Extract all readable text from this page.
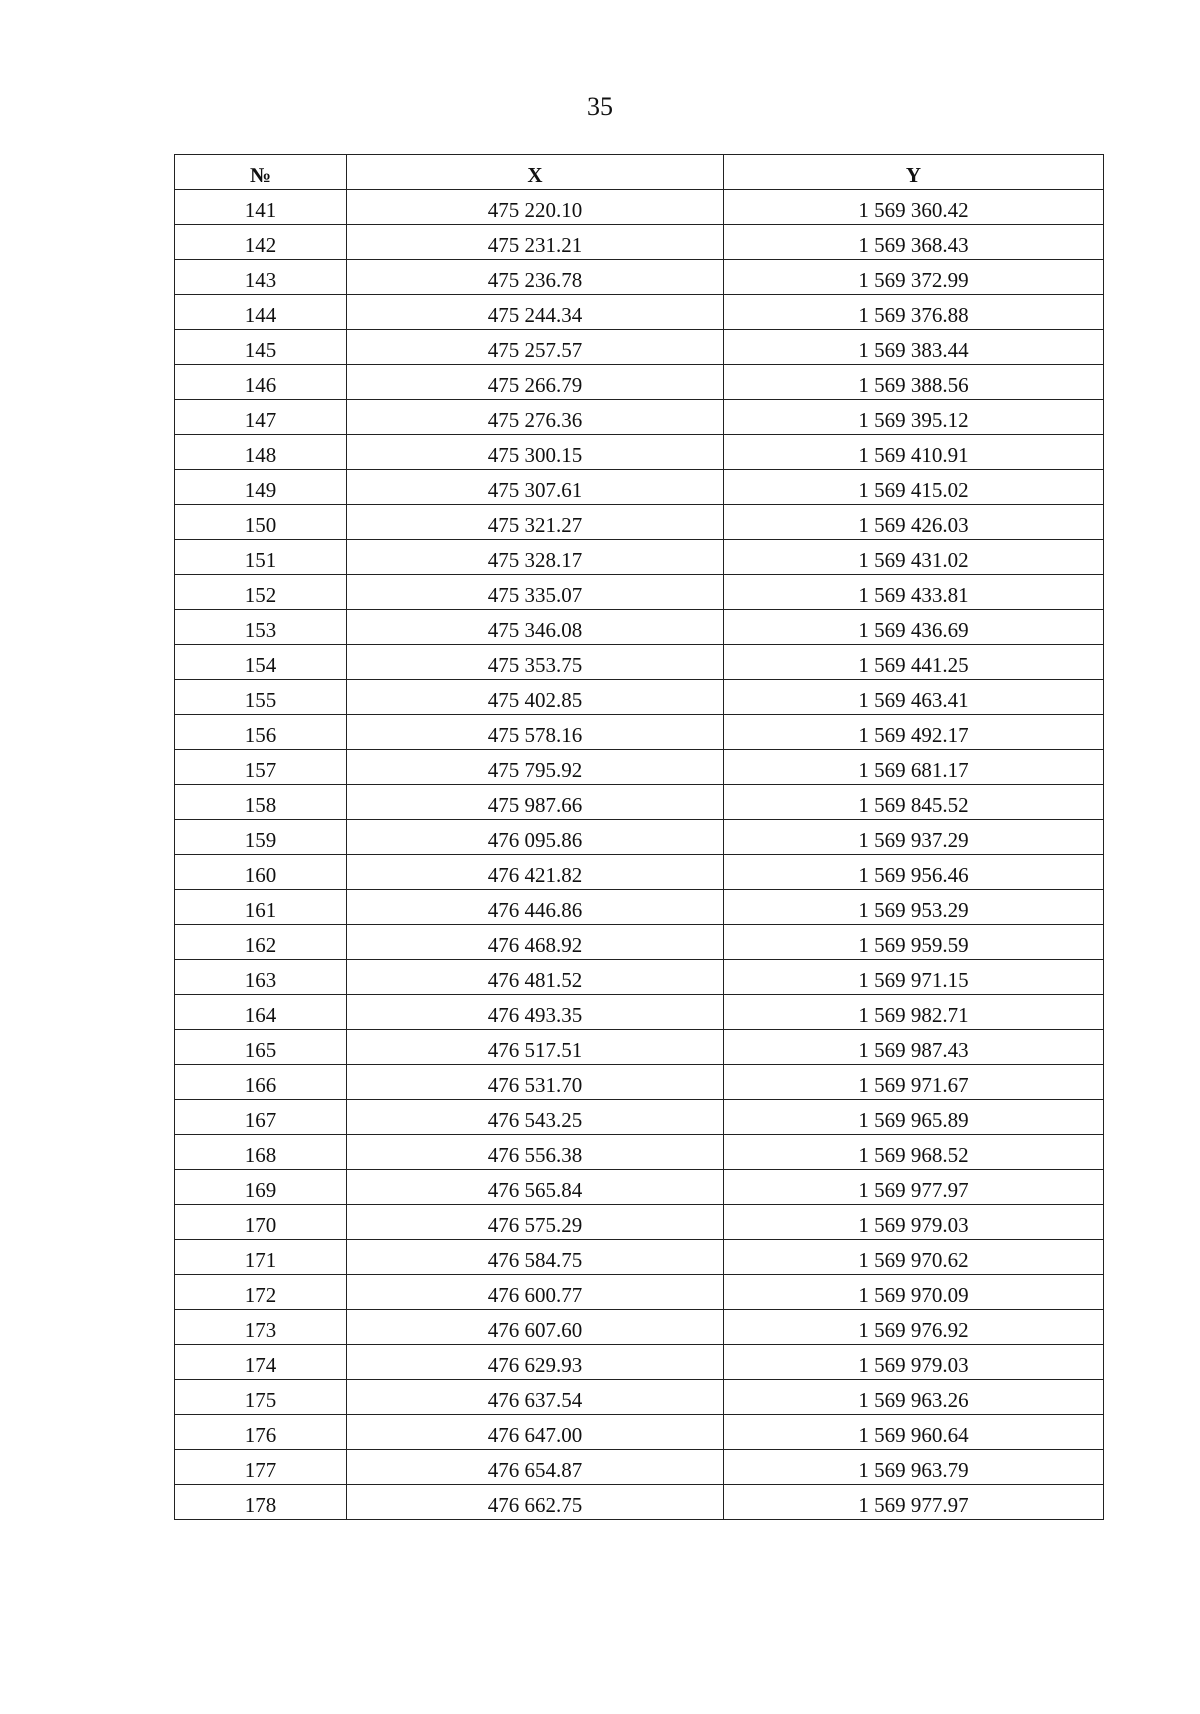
35
№	X	Y
141	475 220.10	1 569 360.42
142	475 231.21	1 569 368.43
143	475 236.78	1 569 372.99
144	475 244.34	1 569 376.88
145	475 257.57	1 569 383.44
146	475 266.79	1 569 388.56
147	475 276.36	1 569 395.12
148	475 300.15	1 569 410.91
149	475 307.61	1 569 415.02
150	475 321.27	1 569 426.03
151	475 328.17	1 569 431.02
152	475 335.07	1 569 433.81
153	475 346.08	1 569 436.69
154	475 353.75	1 569 441.25
155	475 402.85	1 569 463.41
156	475 578.16	1 569 492.17
157	475 795.92	1 569 681.17
158	475 987.66	1 569 845.52
159	476 095.86	1 569 937.29
160	476 421.82	1 569 956.46
161	476 446.86	1 569 953.29
162	476 468.92	1 569 959.59
163	476 481.52	1 569 971.15
164	476 493.35	1 569 982.71
165	476 517.51	1 569 987.43
166	476 531.70	1 569 971.67
167	476 543.25	1 569 965.89
168	476 556.38	1 569 968.52
169	476 565.84	1 569 977.97
170	476 575.29	1 569 979.03
171	476 584.75	1 569 970.62
172	476 600.77	1 569 970.09
173	476 607.60	1 569 976.92
174	476 629.93	1 569 979.03
175	476 637.54	1 569 963.26
176	476 647.00	1 569 960.64
177	476 654.87	1 569 963.79
178	476 662.75	1 569 977.97
